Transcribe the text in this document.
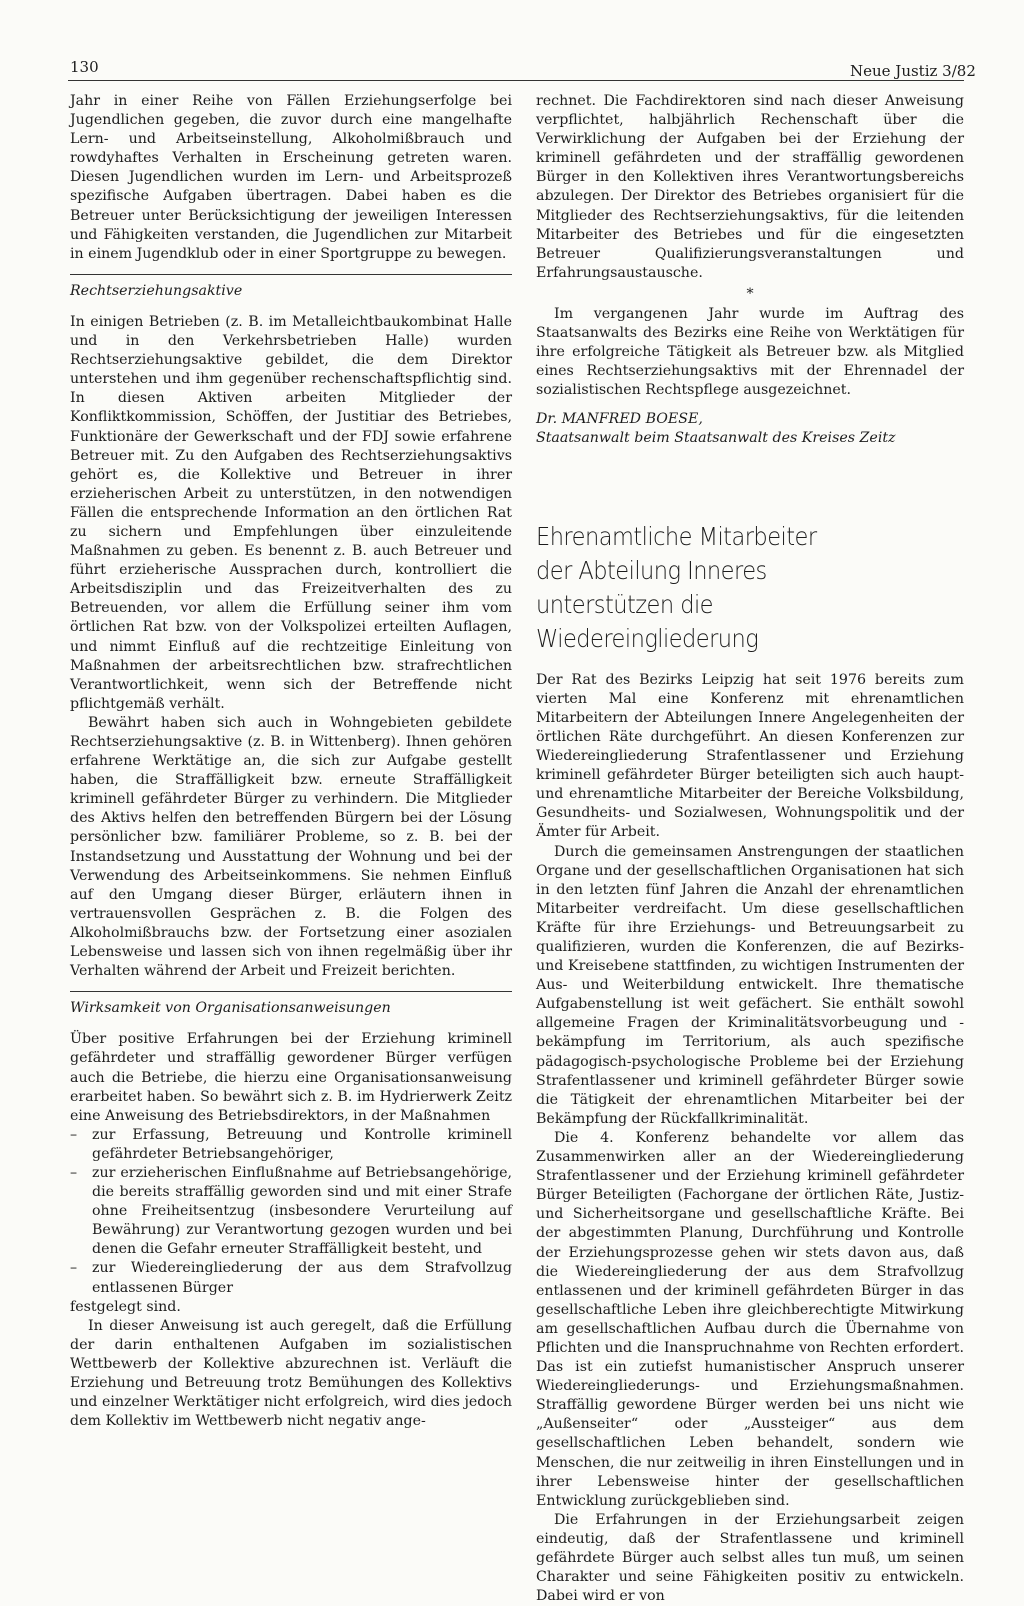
130	Neue Justiz 3/82

Jahr in einer Reihe von Fällen Erziehungserfolge bei Jugendlichen gegeben, die zuvor durch eine mangelhafte Lern- und Arbeitseinstellung, Alkoholmißbrauch und rowdyhaftes Verhalten in Erscheinung getreten waren. Diesen Jugendlichen wurden im Lern- und Arbeitsprozeß spezifische Aufgaben übertragen. Dabei haben es die Betreuer unter Berücksichtigung der jeweiligen Interessen und Fähigkeiten verstanden, die Jugendlichen zur Mitarbeit in einem Jugendklub oder in einer Sportgruppe zu bewegen.

Rechtserziehungsaktive

In einigen Betrieben (z. B. im Metalleichtbaukombinat Halle und in den Verkehrsbetrieben Halle) wurden Rechtserziehungsaktive gebildet, die dem Direktor unterstehen und ihm gegenüber rechenschaftspflichtig sind. In diesen Aktiven arbeiten Mitglieder der Konfliktkommission, Schöffen, der Justitiar des Betriebes, Funktionäre der Gewerkschaft und der FDJ sowie erfahrene Betreuer mit. Zu den Aufgaben des Rechtserziehungsaktivs gehört es, die Kollektive und Betreuer in ihrer erzieherischen Arbeit zu unterstützen, in den notwendigen Fällen die entsprechende Information an den örtlichen Rat zu sichern und Empfehlungen über einzuleitende Maßnahmen zu geben. Es benennt z. B. auch Betreuer und führt erzieherische Aussprachen durch, kontrolliert die Arbeitsdisziplin und das Freizeitverhalten des zu Betreuenden, vor allem die Erfüllung seiner ihm vom örtlichen Rat bzw. von der Volkspolizei erteilten Auflagen, und nimmt Einfluß auf die rechtzeitige Einleitung von Maßnahmen der arbeitsrechtlichen bzw. strafrechtlichen Verantwortlichkeit, wenn sich der Betreffende nicht pflichtgemäß verhält.

Bewährt haben sich auch in Wohngebieten gebildete Rechtserziehungsaktive (z. B. in Wittenberg). Ihnen gehören erfahrene Werktätige an, die sich zur Aufgabe gestellt haben, die Straffälligkeit bzw. erneute Straffälligkeit kriminell gefährdeter Bürger zu verhindern. Die Mitglieder des Aktivs helfen den betreffenden Bürgern bei der Lösung persönlicher bzw. familiärer Probleme, so z. B. bei der Instandsetzung und Ausstattung der Wohnung und bei der Verwendung des Arbeitseinkommens. Sie nehmen Einfluß auf den Umgang dieser Bürger, erläutern ihnen in vertrauensvollen Gesprächen z. B. die Folgen des Alkoholmißbrauchs bzw. der Fortsetzung einer asozialen Lebensweise und lassen sich von ihnen regelmäßig über ihr Verhalten während der Arbeit und Freizeit berichten.

Wirksamkeit von Organisationsanweisungen

Über positive Erfahrungen bei der Erziehung kriminell gefährdeter und straffällig gewordener Bürger verfügen auch die Betriebe, die hierzu eine Organisationsanweisung erarbeitet haben. So bewährt sich z. B. im Hydrierwerk Zeitz eine Anweisung des Betriebsdirektors, in der Maßnahmen

–	zur Erfassung, Betreuung und Kontrolle kriminell gefährdeter Betriebsangehöriger,
–	zur erzieherischen Einflußnahme auf Betriebsangehörige, die bereits straffällig geworden sind und mit einer Strafe ohne Freiheitsentzug (insbesondere Verurteilung auf Bewährung) zur Verantwortung gezogen wurden und bei denen die Gefahr erneuter Straffälligkeit besteht, und
–	zur Wiedereingliederung der aus dem Strafvollzug entlassenen Bürger

festgelegt sind.

In dieser Anweisung ist auch geregelt, daß die Erfüllung der darin enthaltenen Aufgaben im sozialistischen Wettbewerb der Kollektive abzurechnen ist. Verläuft die Erziehung und Betreuung trotz Bemühungen des Kollektivs und einzelner Werktätiger nicht erfolgreich, wird dies jedoch dem Kollektiv im Wettbewerb nicht negativ ange-

rechnet. Die Fachdirektoren sind nach dieser Anweisung verpflichtet, halbjährlich Rechenschaft über die Verwirklichung der Aufgaben bei der Erziehung der kriminell gefährdeten und der straffällig gewordenen Bürger in den Kollektiven ihres Verantwortungsbereichs abzulegen. Der Direktor des Betriebes organisiert für die Mitglieder des Rechtserziehungsaktivs, für die leitenden Mitarbeiter des Betriebes und für die eingesetzten Betreuer Qualifizierungsveranstaltungen und Erfahrungsaustausche.

*

Im vergangenen Jahr wurde im Auftrag des Staatsanwalts des Bezirks eine Reihe von Werktätigen für ihre erfolgreiche Tätigkeit als Betreuer bzw. als Mitglied eines Rechtserziehungsaktivs mit der Ehrennadel der sozialistischen Rechtspflege ausgezeichnet.

Dr. MANFRED BOESE,

Staatsanwalt beim Staatsanwalt des Kreises Zeitz

Ehrenamtliche Mitarbeiter
der Abteilung Inneres
unterstützen die Wiedereingliederung

Der Rat des Bezirks Leipzig hat seit 1976 bereits zum vierten Mal eine Konferenz mit ehrenamtlichen Mitarbeitern der Abteilungen Innere Angelegenheiten der örtlichen Räte durchgeführt. An diesen Konferenzen zur Wiedereingliederung Strafentlassener und Erziehung kriminell gefährdeter Bürger beteiligten sich auch haupt- und ehrenamtliche Mitarbeiter der Bereiche Volksbildung, Gesundheits- und Sozialwesen, Wohnungspolitik und der Ämter für Arbeit.

Durch die gemeinsamen Anstrengungen der staatlichen Organe und der gesellschaftlichen Organisationen hat sich in den letzten fünf Jahren die Anzahl der ehrenamtlichen Mitarbeiter verdreifacht. Um diese gesellschaftlichen Kräfte für ihre Erziehungs- und Betreuungsarbeit zu qualifizieren, wurden die Konferenzen, die auf Bezirks- und Kreisebene stattfinden, zu wichtigen Instrumenten der Aus- und Weiterbildung entwickelt. Ihre thematische Aufgabenstellung ist weit gefächert. Sie enthält sowohl allgemeine Fragen der Kriminalitätsvorbeugung und -bekämpfung im Territorium, als auch spezifische pädagogisch-psychologische Probleme bei der Erziehung Strafentlassener und kriminell gefährdeter Bürger sowie die Tätigkeit der ehrenamtlichen Mitarbeiter bei der Bekämpfung der Rückfallkriminalität.

Die 4. Konferenz behandelte vor allem das Zusammenwirken aller an der Wiedereingliederung Strafentlassener und der Erziehung kriminell gefährdeter Bürger Beteiligten (Fachorgane der örtlichen Räte, Justiz- und Sicherheitsorgane und gesellschaftliche Kräfte. Bei der abgestimmten Planung, Durchführung und Kontrolle der Erziehungsprozesse gehen wir stets davon aus, daß die Wiedereingliederung der aus dem Strafvollzug entlassenen und der kriminell gefährdeten Bürger in das gesellschaftliche Leben ihre gleichberechtigte Mitwirkung am gesellschaftlichen Aufbau durch die Übernahme von Pflichten und die Inanspruchnahme von Rechten erfordert. Das ist ein zutiefst humanistischer Anspruch unserer Wiedereingliederungs- und Erziehungsmaßnahmen. Straffällig gewordene Bürger werden bei uns nicht wie „Außenseiter“ oder „Aussteiger“ aus dem gesellschaftlichen Leben behandelt, sondern wie Menschen, die nur zeitweilig in ihren Einstellungen und in ihrer Lebensweise hinter der gesellschaftlichen Entwicklung zurückgeblieben sind.

Die Erfahrungen in der Erziehungsarbeit zeigen eindeutig, daß der Strafentlassene und kriminell gefährdete Bürger auch selbst alles tun muß, um seinen Charakter und seine Fähigkeiten positiv zu entwickeln. Dabei wird er von
